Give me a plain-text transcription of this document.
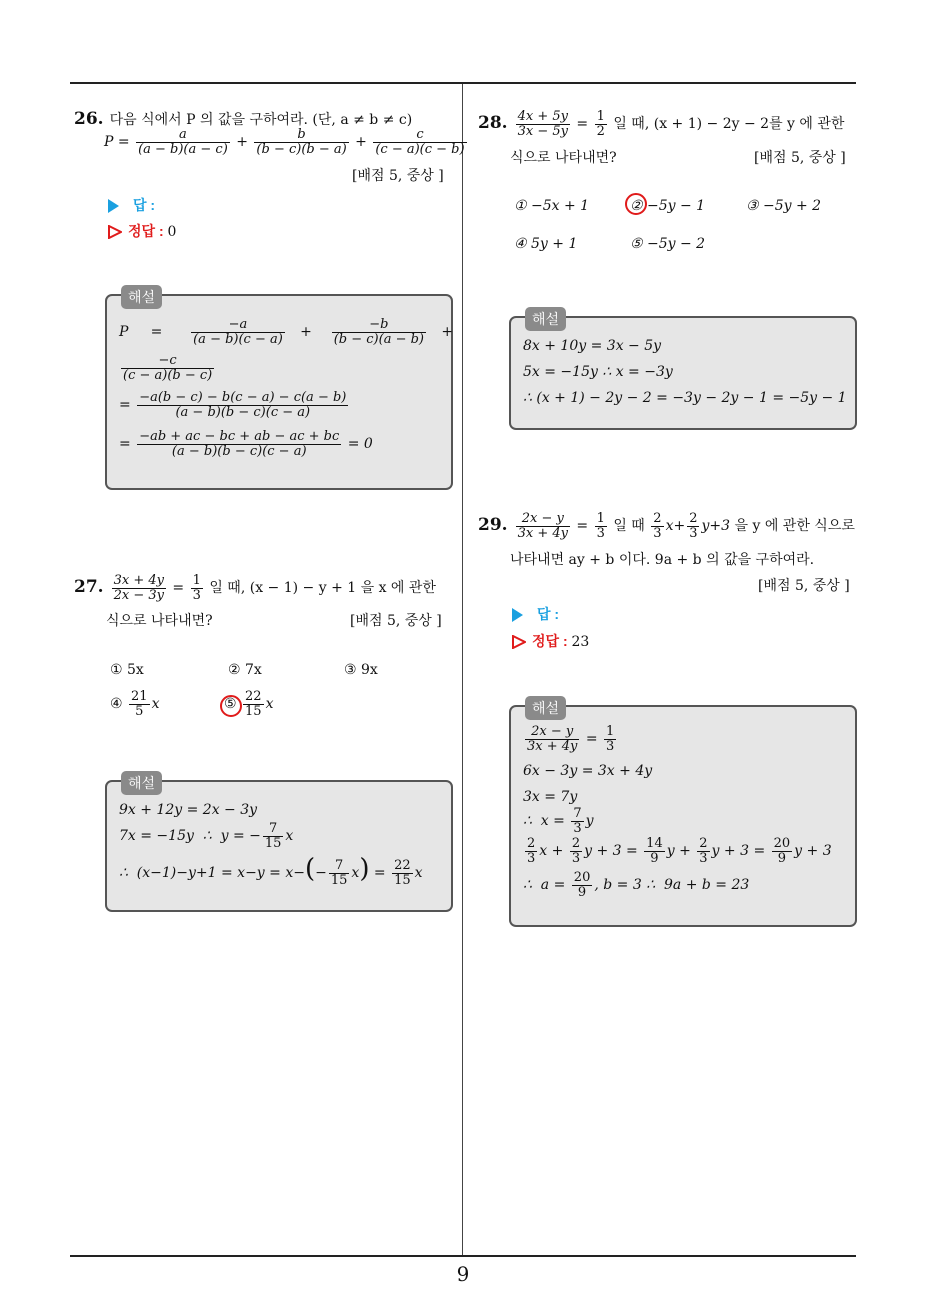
9
26. 다음 식에서 P 의 값을 구하여라. (단, a ≠ b ≠ c)
$P = \frac{a}{(a - b)(a - c)} + \frac{b}{(b - c)(b - a)} + \frac{c}{(c - a)(c - b)}$
[배점 5, 중상 ]
답 :
정답 : 0
해설
P     = $\frac{-a}{(a - b)(c - a)} + \frac{-b}{(b - c)(a - b)}$ +
$\frac{-c}{(c - a)(b - c)}$
= $\frac{-a(b - c) - b(c - a) - c(a - b)}{(a - b)(b - c)(c - a)}$
= $\frac{-ab + ac - bc + ab - ac + bc}{(a - b)(b - c)(c - a)} = 0$
27. $\frac{3x + 4y}{2x - 3y} = \frac{1}{3}$ 일 때, (x − 1) − y + 1 을 x 에 관한
식으로 나타내면?	[배점 5, 중상 ]
① 5x	② 7x	③ 9x
④ $\frac{21}{5}$ x	⑤ $\frac{22}{15}$ x
해설
9x + 12y = 2x − 3y
7x = −15y  ∴  y = − $\frac{7}{15}$ x
∴  $(x-1)-y+1 = x-y = x-(- \frac{7}{15} x) = \frac{22}{15}$ x
28. $\frac{4x + 5y}{3x - 5y} = \frac{1}{2}$ 일 때, (x + 1) − 2y − 2를 y 에 관한
식으로 나타내면?	[배점 5, 중상 ]
① −5x + 1	② −5y − 1	③ −5y + 2
④ 5y + 1	⑤ −5y − 2
해설
8x + 10y = 3x − 5y
5x = −15y ∴ x = −3y
∴ (x + 1) − 2y − 2 = −3y − 2y − 1 = −5y − 1
29. $\frac{2x - y}{3x + 4y} = \frac{1}{3}$ 일 때 $\frac{2}{3} x+ \frac{2}{3} y+3$ 을 y 에 관한 식으로
나타내면 ay + b 이다. 9a + b 의 값을 구하여라.
[배점 5, 중상 ]
답 :
정답 : 23
해설
$\frac{2x - y}{3x + 4y} = \frac{1}{3}$
6x − 3y = 3x + 4y
3x = 7y
∴  $x = \frac{7}{3}$ y
$\frac{2}{3}$ $x + \frac{2}{3}$ $y + 3 = \frac{14}{9}$ $y + \frac{2}{3}$ $y + 3 = \frac{20}{9}$ y + 3
∴  $a = \frac{20}{9}$ , b = 3 ∴  9a + b = 23
